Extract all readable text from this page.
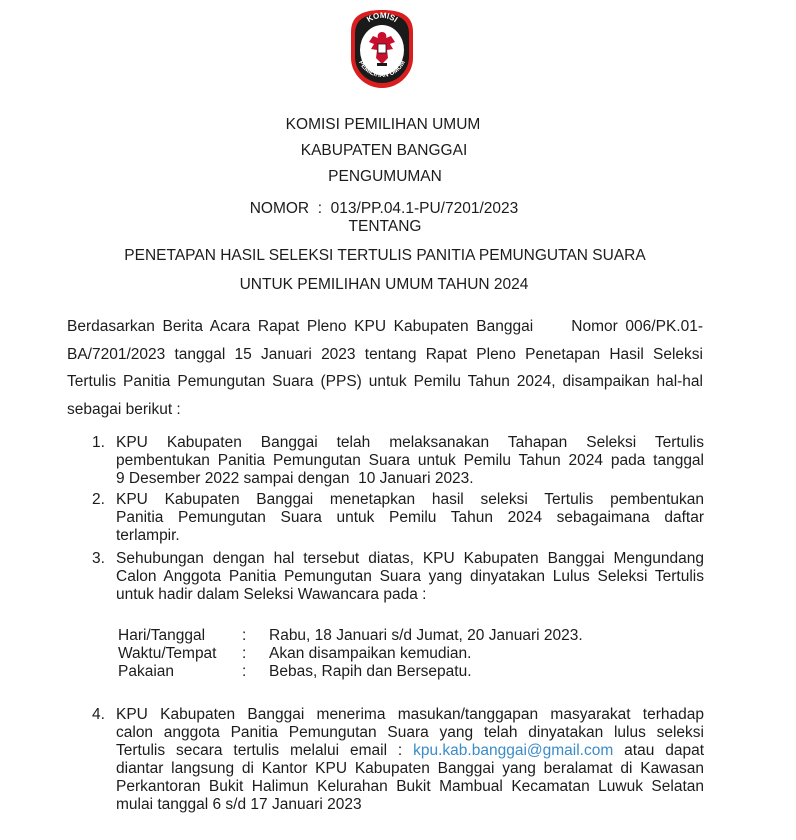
KOMISI
PEMILIHAN UMUM
KOMISI PEMILIHAN UMUM
KABUPATEN BANGGAI
PENGUMUMAN
NOMOR  :  013/PP.04.1-PU/7201/2023
TENTANG
PENETAPAN HASIL SELEKSI TERTULIS PANITIA PEMUNGUTAN SUARA
UNTUK PEMILIHAN UMUM TAHUN 2024
Berdasarkan Berita Acara Rapat Pleno KPU Kabupaten Banggai     Nomor 006/PK.01-
BA/7201/2023 tanggal 15 Januari 2023 tentang Rapat Pleno Penetapan Hasil Seleksi
Tertulis Panitia Pemungutan Suara (PPS) untuk Pemilu Tahun 2024, disampaikan hal-hal
sebagai berikut :
1. KPU Kabupaten Banggai telah melaksanakan Tahapan Seleksi Tertulis
pembentukan Panitia Pemungutan Suara untuk Pemilu Tahun 2024 pada tanggal
9 Desember 2022 sampai dengan  10 Januari 2023.
2. KPU Kabupaten Banggai menetapkan hasil seleksi Tertulis pembentukan
Panitia Pemungutan Suara untuk Pemilu Tahun 2024 sebagaimana daftar
terlampir.
3. Sehubungan dengan hal tersebut diatas, KPU Kabupaten Banggai Mengundang
Calon Anggota Panitia Pemungutan Suara yang dinyatakan Lulus Seleksi Tertulis
untuk hadir dalam Seleksi Wawancara pada :
4. KPU Kabupaten Banggai menerima masukan/tanggapan masyarakat terhadap
calon anggota Panitia Pemungutan Suara yang telah dinyatakan lulus seleksi
Tertulis secara tertulis melalui email : kpu.kab.banggai@gmail.com atau dapat
diantar langsung di Kantor KPU Kabupaten Banggai yang beralamat di Kawasan
Perkantoran Bukit Halimun Kelurahan Bukit Mambual Kecamatan Luwuk Selatan
mulai tanggal 6 s/d 17 Januari 2023
Hari/Tanggal : Rabu, 18 Januari s/d Jumat, 20 Januari 2023.
Waktu/Tempat : Akan disampaikan kemudian.
Pakaian	: Bebas, Rapih dan Bersepatu.
